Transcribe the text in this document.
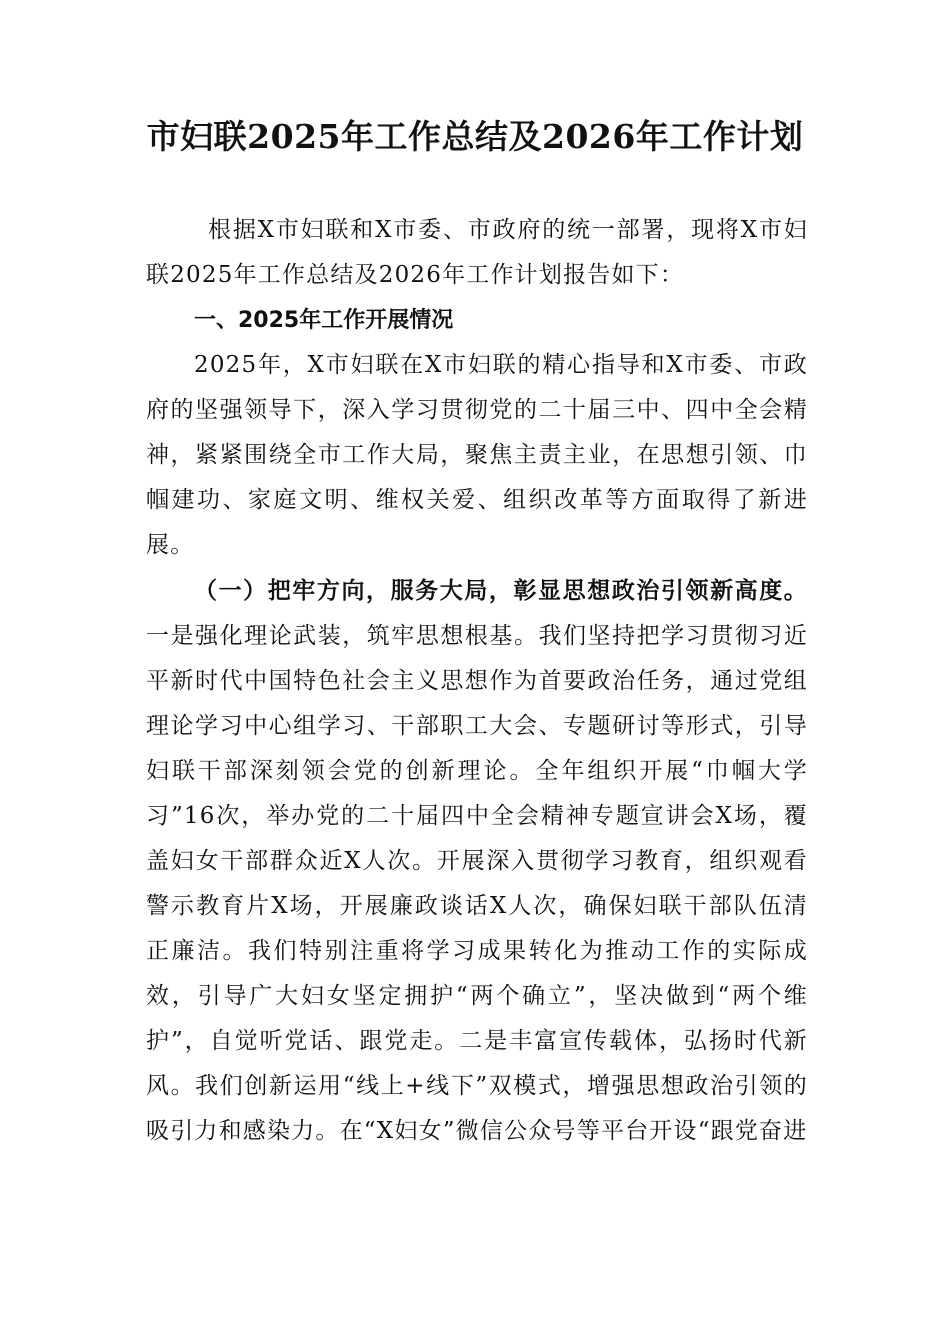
市妇联2025年工作总结及2026年工作计划

根据X市妇联和X市委、市政府的统一部署，现将X市妇联2025年工作总结及2026年工作计划报告如下：

一、2025年工作开展情况

2025年，X市妇联在X市妇联的精心指导和X市委、市政府的坚强领导下，深入学习贯彻党的二十届三中、四中全会精神，紧紧围绕全市工作大局，聚焦主责主业，在思想引领、巾帼建功、家庭文明、维权关爱、组织改革等方面取得了新进展。

（一）把牢方向，服务大局，彰显思想政治引领新高度。一是强化理论武装，筑牢思想根基。我们坚持把学习贯彻习近平新时代中国特色社会主义思想作为首要政治任务，通过党组理论学习中心组学习、干部职工大会、专题研讨等形式，引导妇联干部深刻领会党的创新理论。全年组织开展“巾帼大学习”16次，举办党的二十届四中全会精神专题宣讲会X场，覆盖妇女干部群众近X人次。开展深入贯彻学习教育，组织观看警示教育片X场，开展廉政谈话X人次，确保妇联干部队伍清正廉洁。我们特别注重将学习成果转化为推动工作的实际成效，引导广大妇女坚定拥护“两个确立”，坚决做到“两个维护”，自觉听党话、跟党走。二是丰富宣传载体，弘扬时代新风。我们创新运用“线上+线下”双模式，增强思想政治引领的吸引力和感染力。在“X妇女”微信公众号等平台开设“跟党奋进
